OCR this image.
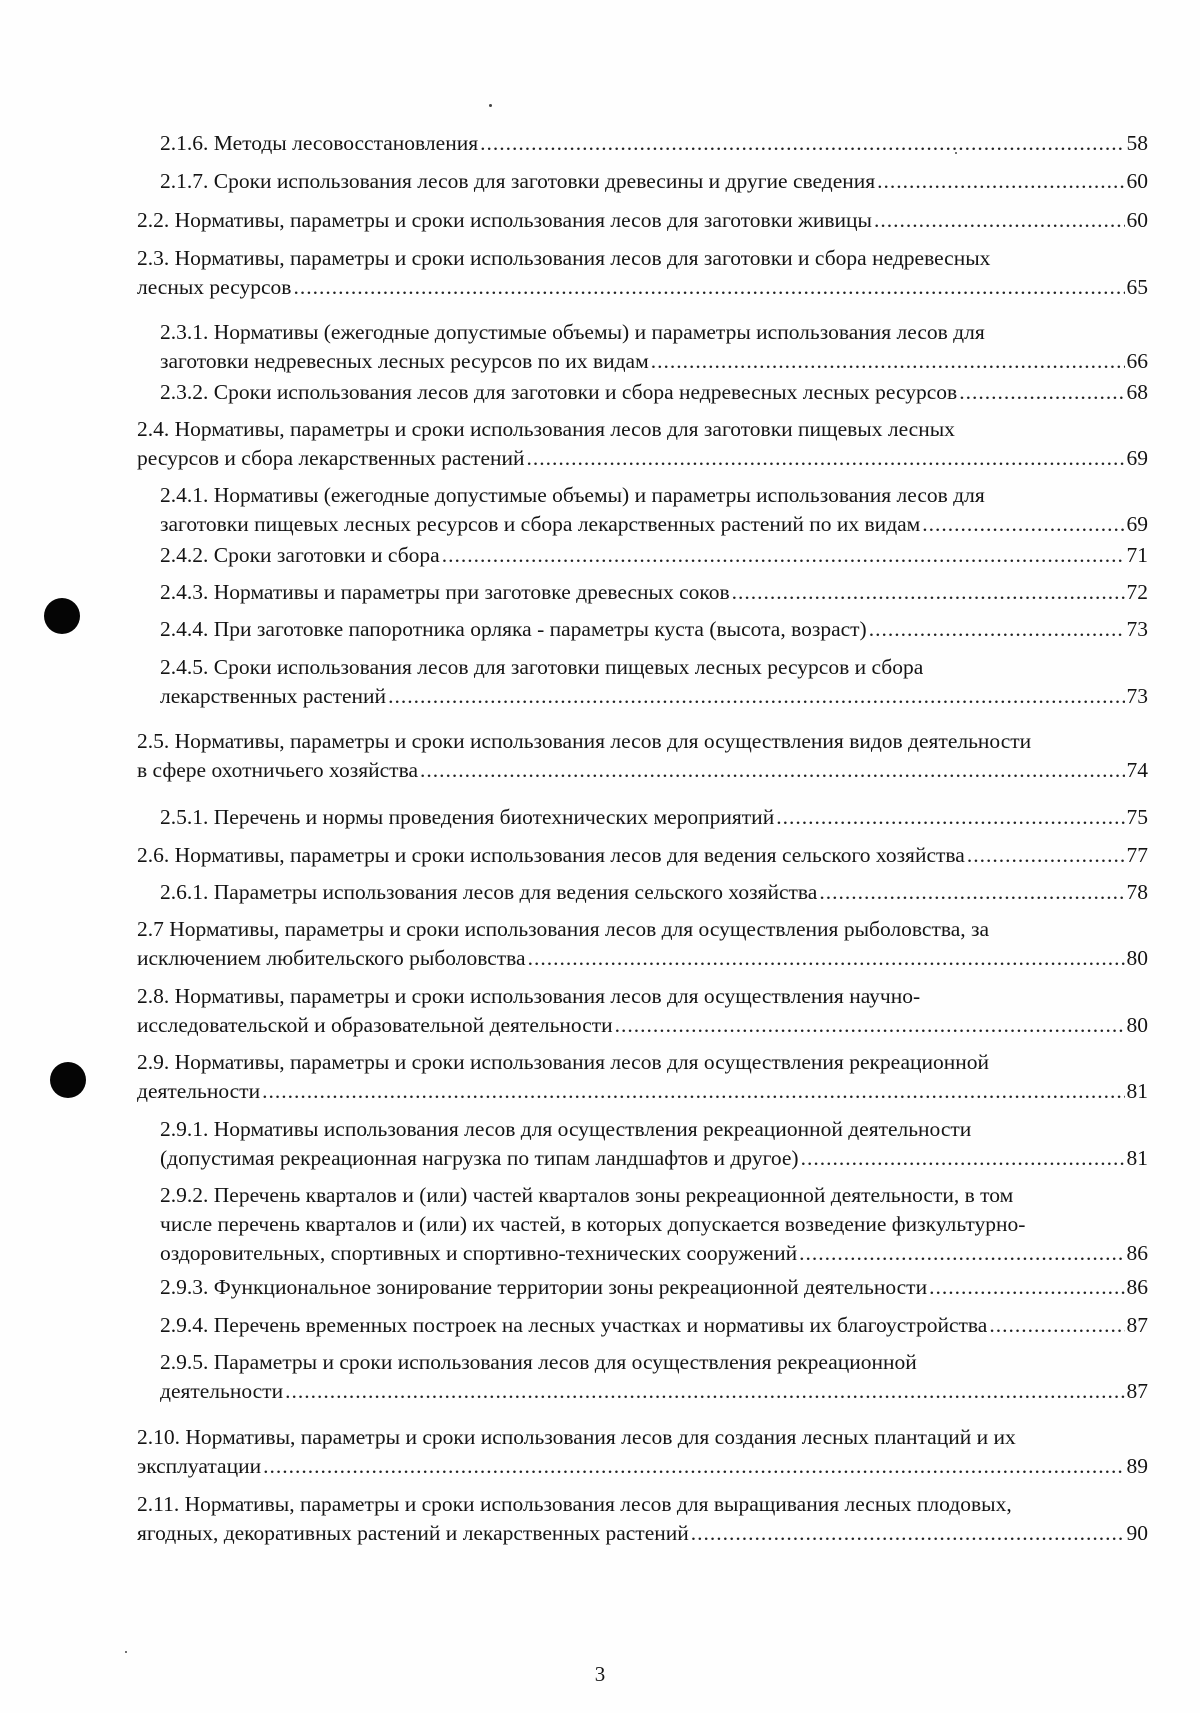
2.1.6. Методы лесовосстановления .....	58
2.1.7. Сроки использования лесов для заготовки древесины и другие сведения .....	60
2.2. Нормативы, параметры и сроки использования лесов для заготовки живицы .....	60
2.3. Нормативы, параметры и сроки использования лесов для заготовки и сбора недревесных
лесных ресурсов .....	65
2.3.1. Нормативы (ежегодные допустимые объемы) и параметры использования лесов для
заготовки недревесных лесных ресурсов по их видам .....	66
2.3.2. Сроки использования лесов для заготовки и сбора недревесных лесных ресурсов .....	68
2.4. Нормативы, параметры и сроки использования лесов для заготовки пищевых лесных
ресурсов и сбора лекарственных растений .....	69
2.4.1. Нормативы (ежегодные допустимые объемы) и параметры использования лесов для
заготовки пищевых лесных ресурсов и сбора лекарственных растений по их видам .....	69
2.4.2. Сроки заготовки и сбора .....	71
2.4.3. Нормативы и параметры при заготовке древесных соков .....	72
2.4.4. При заготовке папоротника орляка - параметры куста (высота, возраст) .....	73
2.4.5. Сроки использования лесов для заготовки пищевых лесных ресурсов и сбора
лекарственных растений .....	73
2.5. Нормативы, параметры и сроки использования лесов для осуществления видов деятельности
в сфере охотничьего хозяйства .....	74
2.5.1. Перечень и нормы проведения биотехнических мероприятий .....	75
2.6. Нормативы, параметры и сроки использования лесов для ведения сельского хозяйства .....	77
2.6.1. Параметры использования лесов для ведения сельского хозяйства .....	78
2.7 Нормативы, параметры и сроки использования лесов для осуществления рыболовства, за
исключением любительского рыболовства .....	80
2.8. Нормативы, параметры и сроки использования лесов для осуществления научно-
исследовательской и образовательной деятельности .....	80
2.9. Нормативы, параметры и сроки использования лесов для осуществления рекреационной
деятельности .....	81
2.9.1. Нормативы использования лесов для осуществления рекреационной деятельности
(допустимая рекреационная нагрузка по типам ландшафтов и другое) .....	81
2.9.2. Перечень кварталов и (или) частей кварталов зоны рекреационной деятельности, в том
числе перечень кварталов и (или) их частей, в которых допускается возведение физкультурно-
оздоровительных, спортивных и спортивно-технических сооружений .....	86
2.9.3. Функциональное зонирование территории зоны рекреационной деятельности .....	86
2.9.4. Перечень временных построек на лесных участках и нормативы их благоустройства .....	87
2.9.5. Параметры и сроки использования лесов для осуществления рекреационной
деятельности .....	87
2.10. Нормативы, параметры и сроки использования лесов для создания лесных плантаций и их
эксплуатации .....	89
2.11. Нормативы, параметры и сроки использования лесов для выращивания лесных плодовых,
ягодных, декоративных растений и лекарственных растений .....	90
3
